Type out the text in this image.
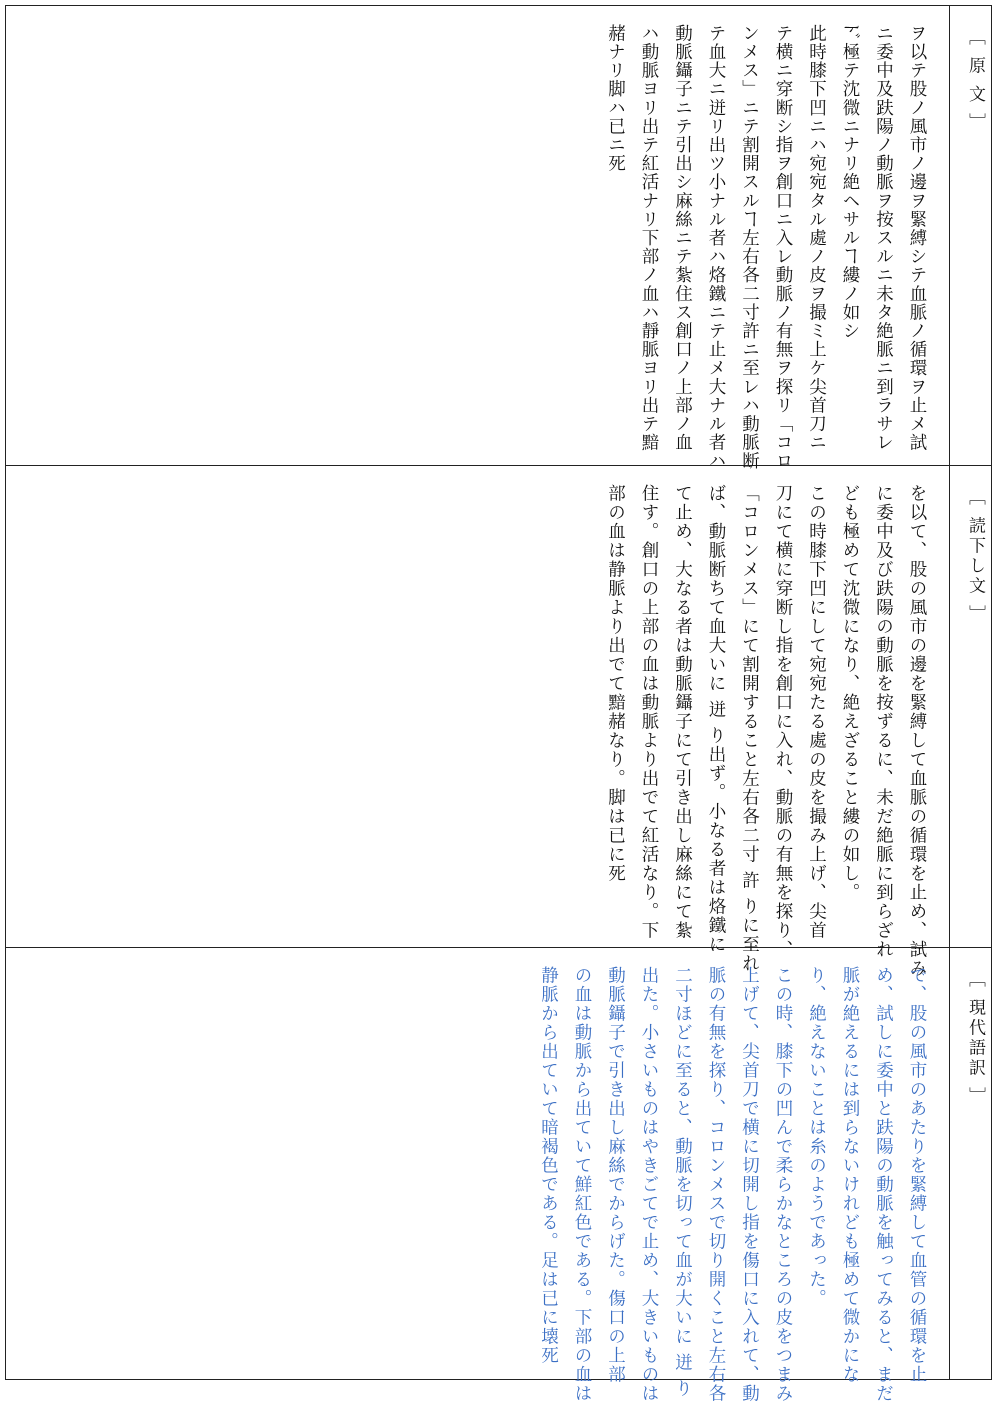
［ 原 文 ］
ヲ以テ股ノ風市ノ邊ヲ緊縛シテ血脈ノ循環ヲ止メ試
ニ委中及趺陽ノ動脈ヲ按スルニ未タ絶脈ニ到ラサレ
ﾄﾞ極テ沈微ニナリ絶ヘサルヿ縷ノ如シ
此時膝下凹ニハ宛宛タル處ノ皮ヲ撮ミ上ケ尖首刀ニ
テ横ニ穿断シ指ヲ創口ニ入レ動脈ノ有無ヲ探リ「コロ
ンメス」ニテ割開スルヿ左右各二寸許ニ至レハ動脈断
テ血大ニ迸リ出ツ小ナル者ハ烙鐵ニテ止メ大ナル者ハ
動脈鑷子ニテ引出シ麻絲ニテ紮住ス創口ノ上部ノ血
ハ動脈ヨリ出テ紅活ナリ下部ノ血ハ靜脈ヨリ出テ黯
赭ナリ脚ハ已ニ死
［ 読下し文 ］
を以て、股の風市の邊を緊縛して血脈の循環を止め、試み
に委中及び趺陽の動脈を按ずるに、未だ絶脈に到らざれ
ども極めて沈微になり、絶えざること縷の如し。
この時膝下凹にして宛宛たる處の皮を撮み上げ、尖首
刀にて横に穿断し指を創口に入れ、動脈の有無を探り、
「コロンメス」にて割開すること左右各二寸 許 りに至れ
ば、動脈断ちて血大いに 迸 り出ず。小なる者は烙鐵に
て止め、大なる者は動脈鑷子にて引き出し麻絲にて紮
住す。創口の上部の血は動脈より出でて紅活なり。下
部の血は静脈より出でて黯赭なり。脚は已に死
［ 現代語訳 ］
で、股の風市のあたりを緊縛して血管の循環を止
め、試しに委中と趺陽の動脈を触ってみると、まだ
脈が絶えるには到らないけれども極めて微かにな
り、絶えないことは糸のようであった。
この時、膝下の凹んで柔らかなところの皮をつまみ
上げて、尖首刀で横に切開し指を傷口に入れて、動
脈の有無を探り、コロンメスで切り開くこと左右各
二寸ほどに至ると、動脈を切って血が大いに 迸 り
出た。小さいものはやきごてで止め、大きいものは
動脈鑷子で引き出し麻絲でからげた。傷口の上部
の血は動脈から出ていて鮮紅色である。下部の血は
静脈から出ていて暗褐色である。足は已に壊死
